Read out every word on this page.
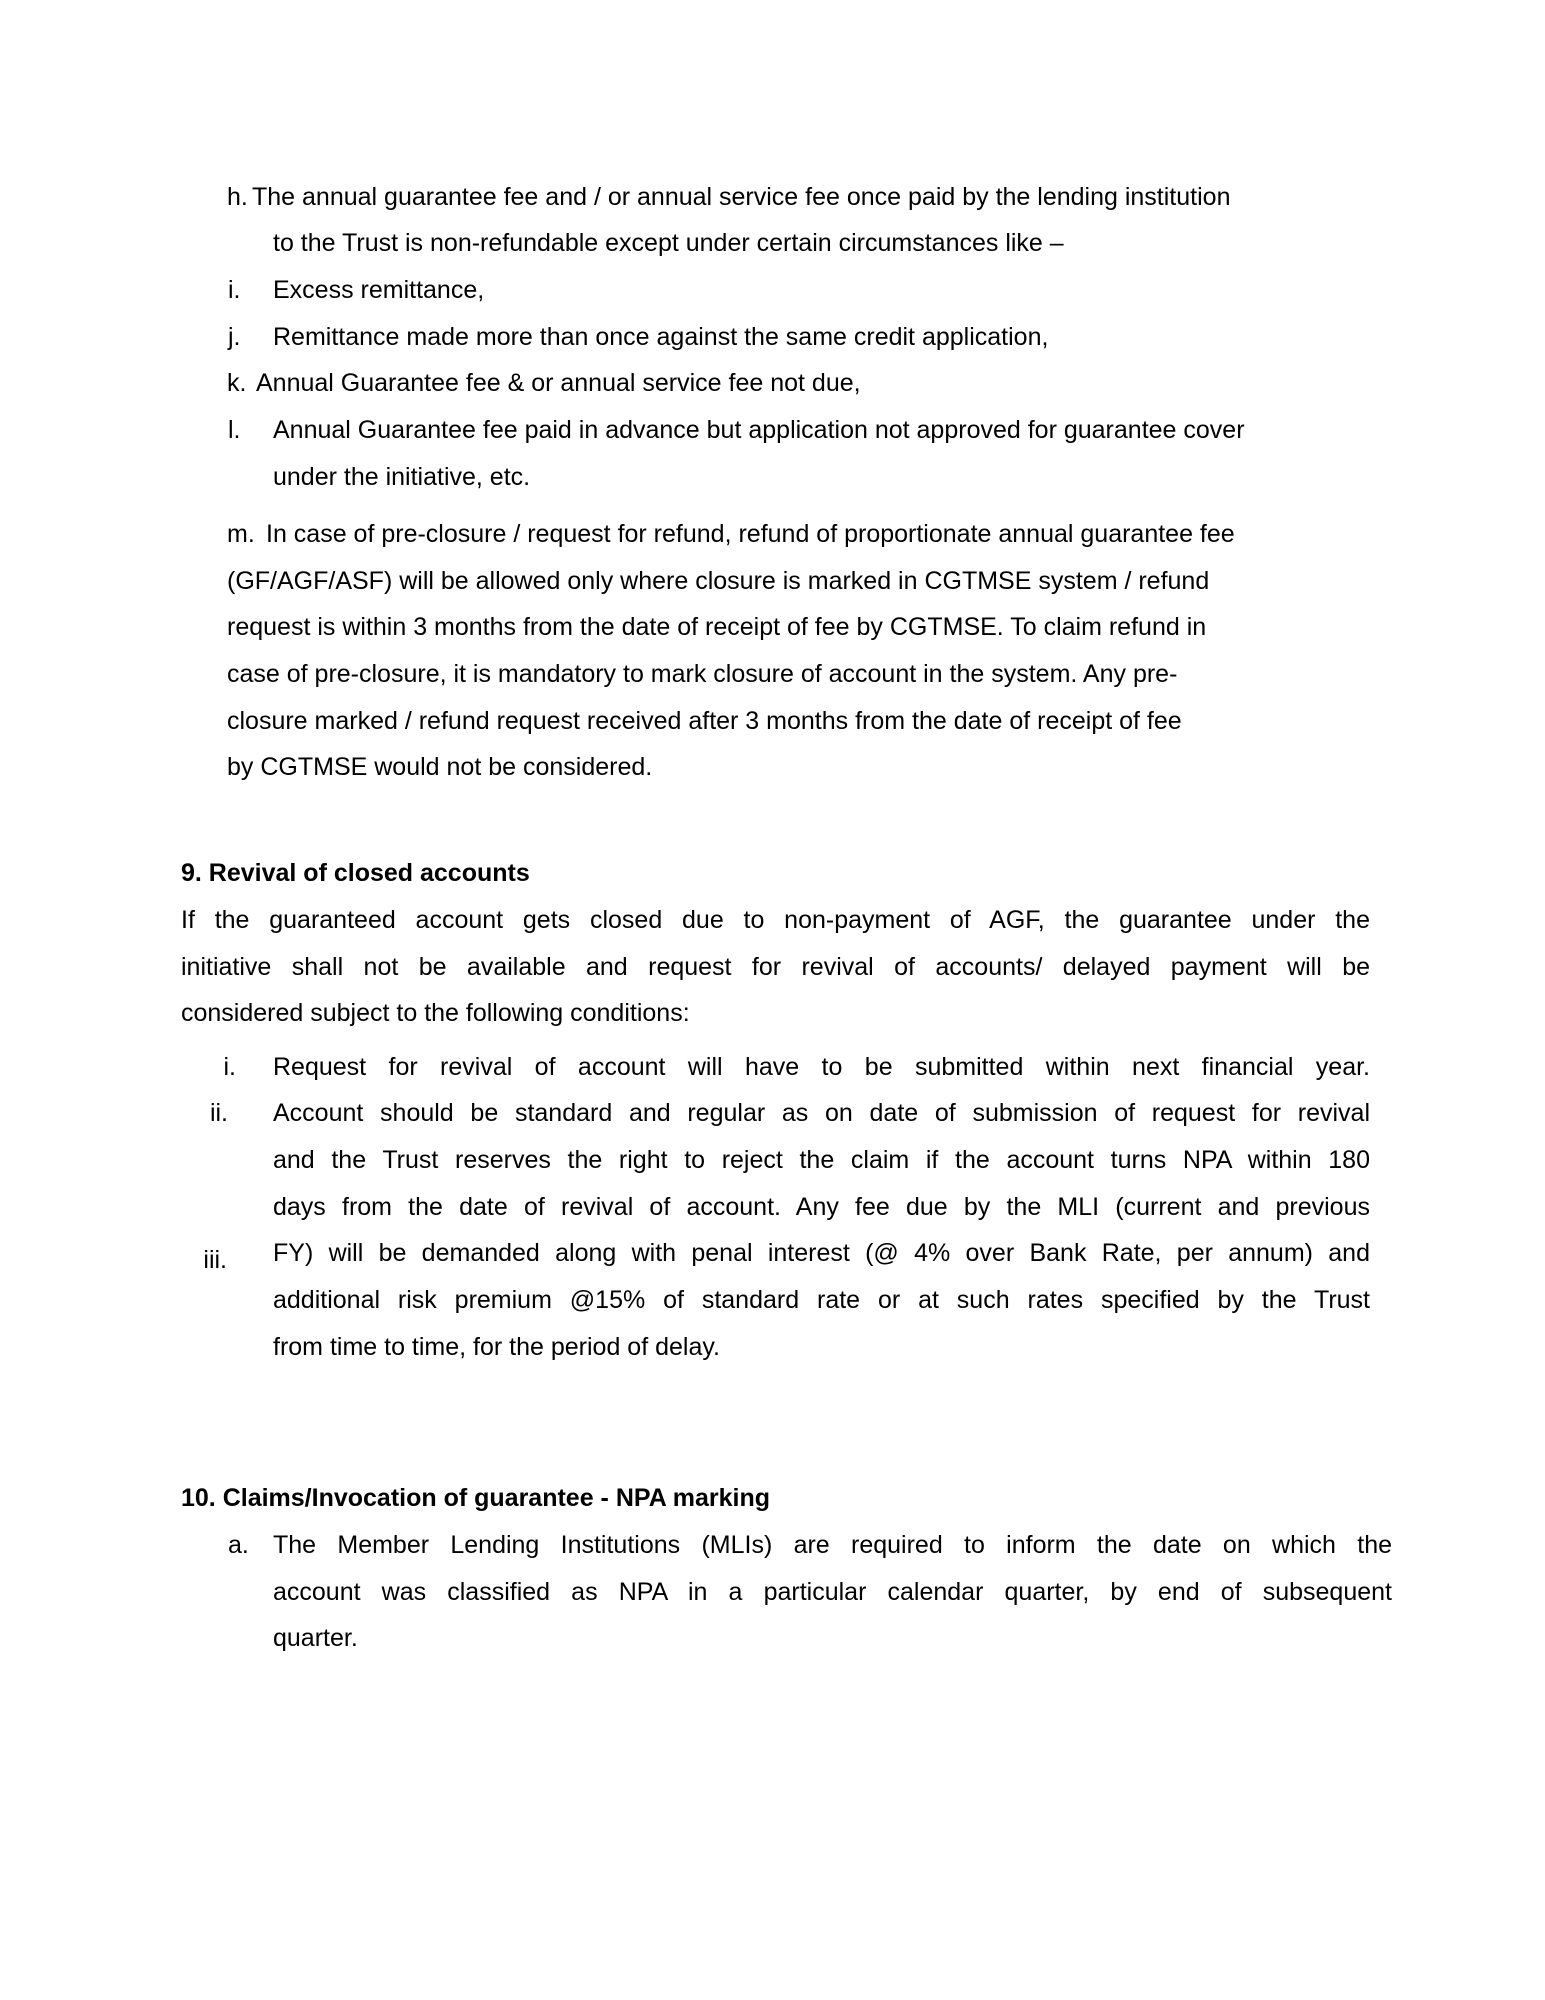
h. The annual guarantee fee and / or annual service fee once paid by the lending institution
to the Trust is non-refundable except under certain circumstances like –
i. Excess remittance,
j. Remittance made more than once against the same credit application,
k. Annual Guarantee fee & or annual service fee not due,
l. Annual Guarantee fee paid in advance but application not approved for guarantee cover
under the initiative, etc.
m. In case of pre-closure / request for refund, refund of proportionate annual guarantee fee
(GF/AGF/ASF) will be allowed only where closure is marked in CGTMSE system / refund
request is within 3 months from the date of receipt of fee by CGTMSE. To claim refund in
case of pre-closure, it is mandatory to mark closure of account in the system. Any pre-
closure marked / refund request received after 3 months from the date of receipt of fee
by CGTMSE would not be considered.
9. Revival of closed accounts
If the guaranteed account gets closed due to non-payment of AGF, the guarantee under the
initiative shall not be available and request for revival of accounts/ delayed payment will be
considered subject to the following conditions:
i. Request for revival of account will have to be submitted within next financial year.
ii. Account should be standard and regular as on date of submission of request for revival
and the Trust reserves the right to reject the claim if the account turns NPA within 180
days from the date of revival of account. Any fee due by the MLI (current and previous
iii. FY) will be demanded along with penal interest (@ 4% over Bank Rate, per annum) and
additional risk premium @15% of standard rate or at such rates specified by the Trust
from time to time, for the period of delay.
10. Claims/Invocation of guarantee - NPA marking
a. The Member Lending Institutions (MLIs) are required to inform the date on which the
account was classified as NPA in a particular calendar quarter, by end of subsequent
quarter.
